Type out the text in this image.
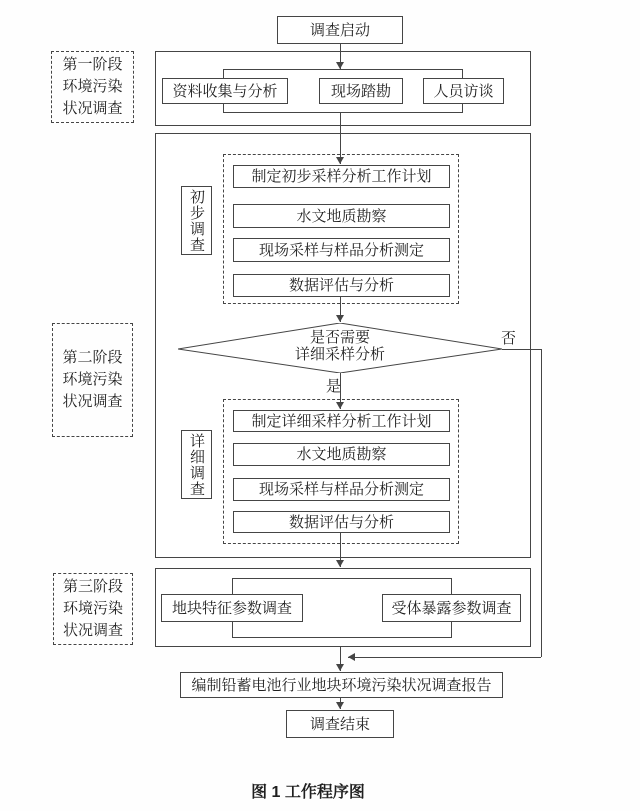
调查启动
第一阶段
环境污染
状况调查
资料收集与分析	现场踏勘	人员访谈
第二阶段
环境污染
状况调查
初步调查
制定初步采样分析工作计划
水文地质勘察
现场采样与样品分析测定
数据评估与分析
是否需要
详细采样分析
否
是
详细调查
制定详细采样分析工作计划
水文地质勘察
现场采样与样品分析测定
数据评估与分析
第三阶段
环境污染
状况调查
地块特征参数调查	受体暴露参数调查
编制铅蓄电池行业地块环境污染状况调查报告
调查结束
图 1 工作程序图
